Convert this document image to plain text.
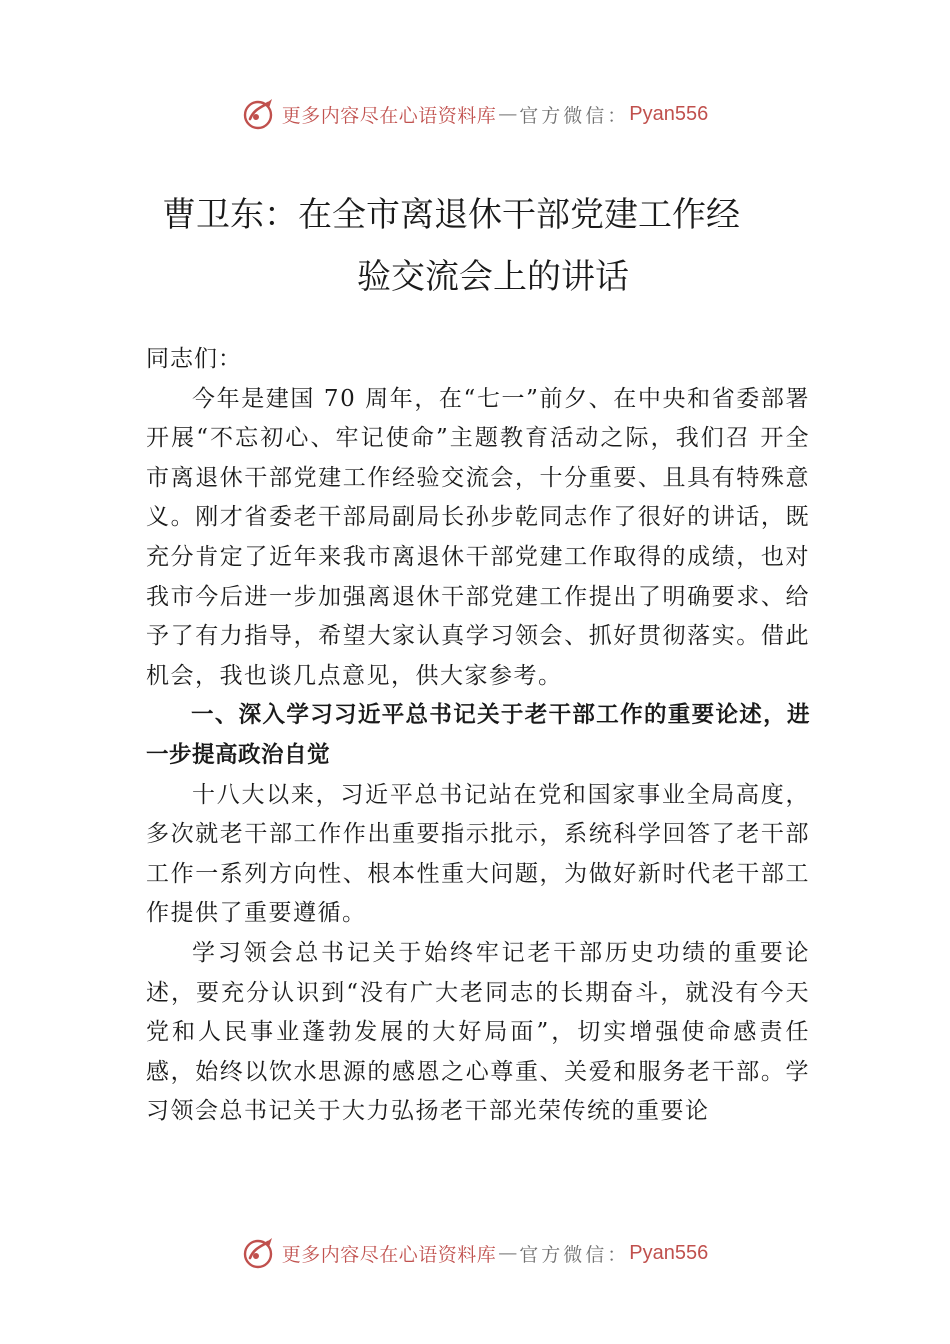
更多内容尽在心语资料库 — 官方微信： Pyan556
曹卫东：在全市离退休干部党建工作经
验交流会上的讲话

同志们：

今年是建国 70 周年，在“七一”前夕、在中央和省委部署开展“不忘初心、牢记使命”主题教育活动之际，我们召 开全市离退休干部党建工作经验交流会，十分重要、且具有特殊意义。刚才省委老干部局副局长孙步乾同志作了很好的讲话，既充分肯定了近年来我市离退休干部党建工作取得的成绩，也对我市今后进一步加强离退休干部党建工作提出了明确要求、给予了有力指导，希望大家认真学习领会、抓好贯彻落实。借此机会，我也谈几点意见，供大家参考。

一、深入学习习近平总书记关于老干部工作的重要论述，进一步提高政治自觉

十八大以来，习近平总书记站在党和国家事业全局高度，多次就老干部工作作出重要指示批示，系统科学回答了老干部工作一系列方向性、根本性重大问题，为做好新时代老干部工作提供了重要遵循。

学习领会总书记关于始终牢记老干部历史功绩的重要论述，要充分认识到“没有广大老同志的长期奋斗，就没有今天党和人民事业蓬勃发展的大好局面”，切实增强使命感责任感，始终以饮水思源的感恩之心尊重、关爱和服务老干部。学习领会总书记关于大力弘扬老干部光荣传统的重要论

更多内容尽在心语资料库 — 官方微信： Pyan556
